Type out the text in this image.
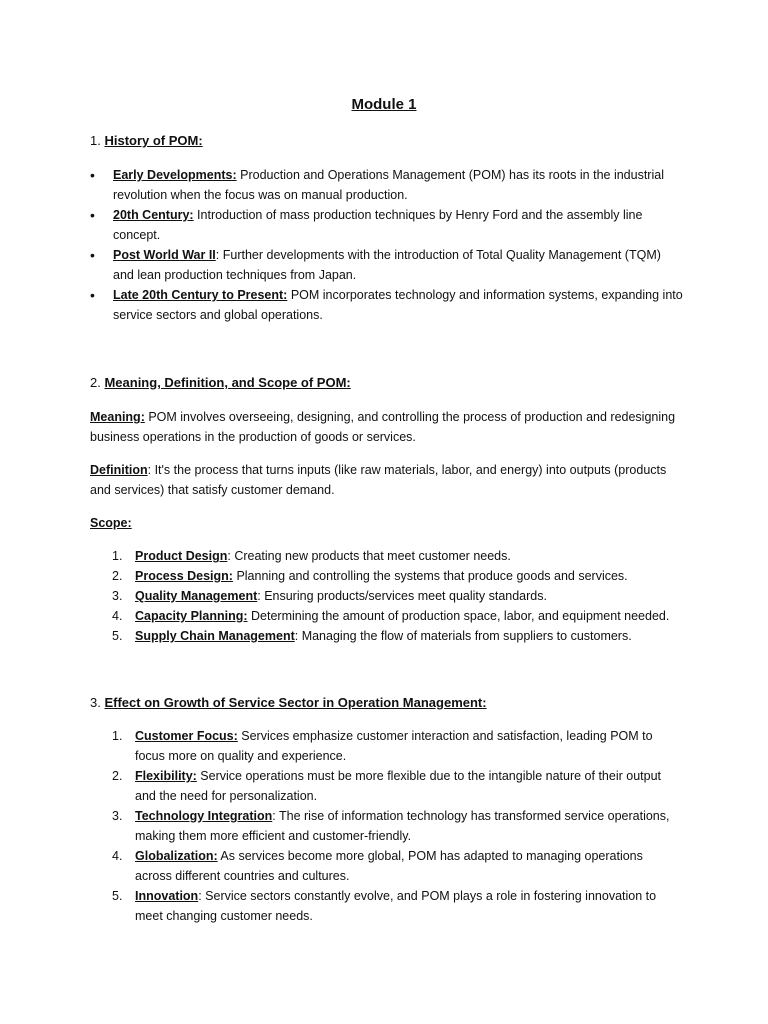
Module 1
1. History of POM:
• Early Developments: Production and Operations Management (POM) has its roots in the industrial revolution when the focus was on manual production.
• 20th Century: Introduction of mass production techniques by Henry Ford and the assembly line concept.
• Post World War II: Further developments with the introduction of Total Quality Management (TQM) and lean production techniques from Japan.
• Late 20th Century to Present: POM incorporates technology and information systems, expanding into service sectors and global operations.
2. Meaning, Definition, and Scope of POM:

Meaning: POM involves overseeing, designing, and controlling the process of production and redesigning business operations in the production of goods or services.

Definition: It's the process that turns inputs (like raw materials, labor, and energy) into outputs (products and services) that satisfy customer demand.

Scope:

1. Product Design: Creating new products that meet customer needs.
2. Process Design: Planning and controlling the systems that produce goods and services.
3. Quality Management: Ensuring products/services meet quality standards.
4. Capacity Planning: Determining the amount of production space, labor, and equipment needed.
5. Supply Chain Management: Managing the flow of materials from suppliers to customers.
3. Effect on Growth of Service Sector in Operation Management:
1. Customer Focus: Services emphasize customer interaction and satisfaction, leading POM to focus more on quality and experience.
2. Flexibility: Service operations must be more flexible due to the intangible nature of their output and the need for personalization.
3. Technology Integration: The rise of information technology has transformed service operations, making them more efficient and customer-friendly.
4. Globalization: As services become more global, POM has adapted to managing operations across different countries and cultures.
5. Innovation: Service sectors constantly evolve, and POM plays a role in fostering innovation to meet changing customer needs.
